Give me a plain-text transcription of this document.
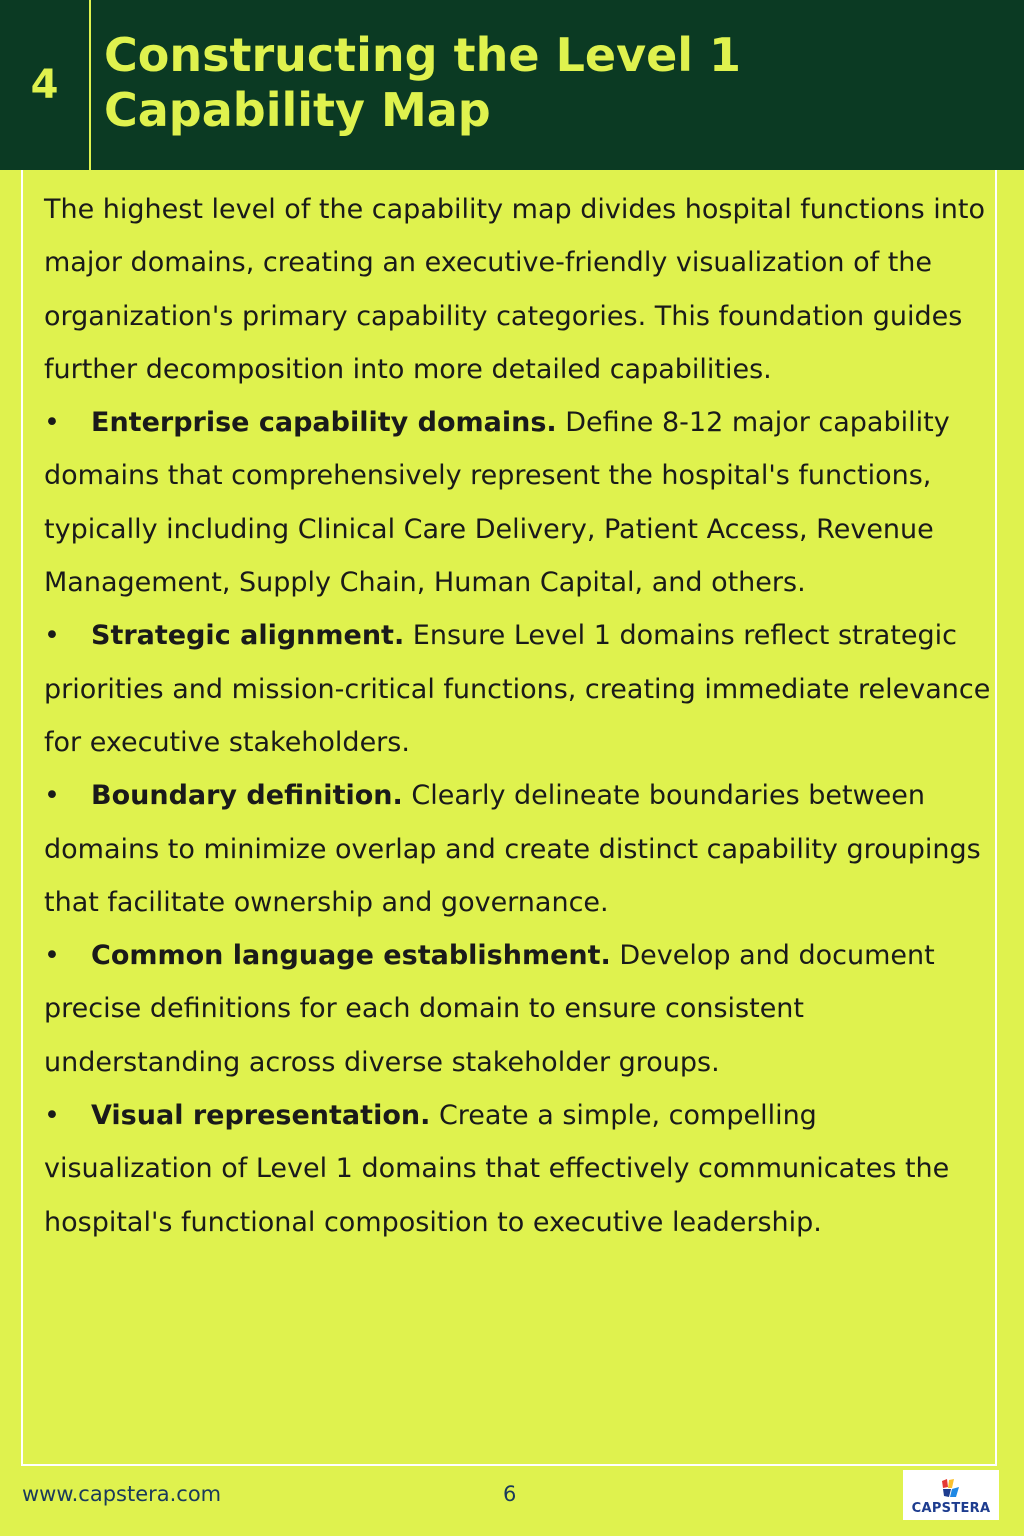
4
Constructing the Level 1
Capability Map

The highest level of the capability map divides hospital functions into major domains, creating an executive-friendly visualization of the organization's primary capability categories. This foundation guides further decomposition into more detailed capabilities.

• Enterprise capability domains. Define 8-12 major capability domains that comprehensively represent the hospital's functions, typically including Clinical Care Delivery, Patient Access, Revenue Management, Supply Chain, Human Capital, and others.

• Strategic alignment. Ensure Level 1 domains reflect strategic priorities and mission-critical functions, creating immediate relevance for executive stakeholders.

• Boundary definition. Clearly delineate boundaries between domains to minimize overlap and create distinct capability groupings that facilitate ownership and governance.

• Common language establishment. Develop and document precise definitions for each domain to ensure consistent understanding across diverse stakeholder groups.

• Visual representation. Create a simple, compelling visualization of Level 1 domains that effectively communicates the hospital's functional composition to executive leadership.

www.capstera.com	6
CAPSTERA
